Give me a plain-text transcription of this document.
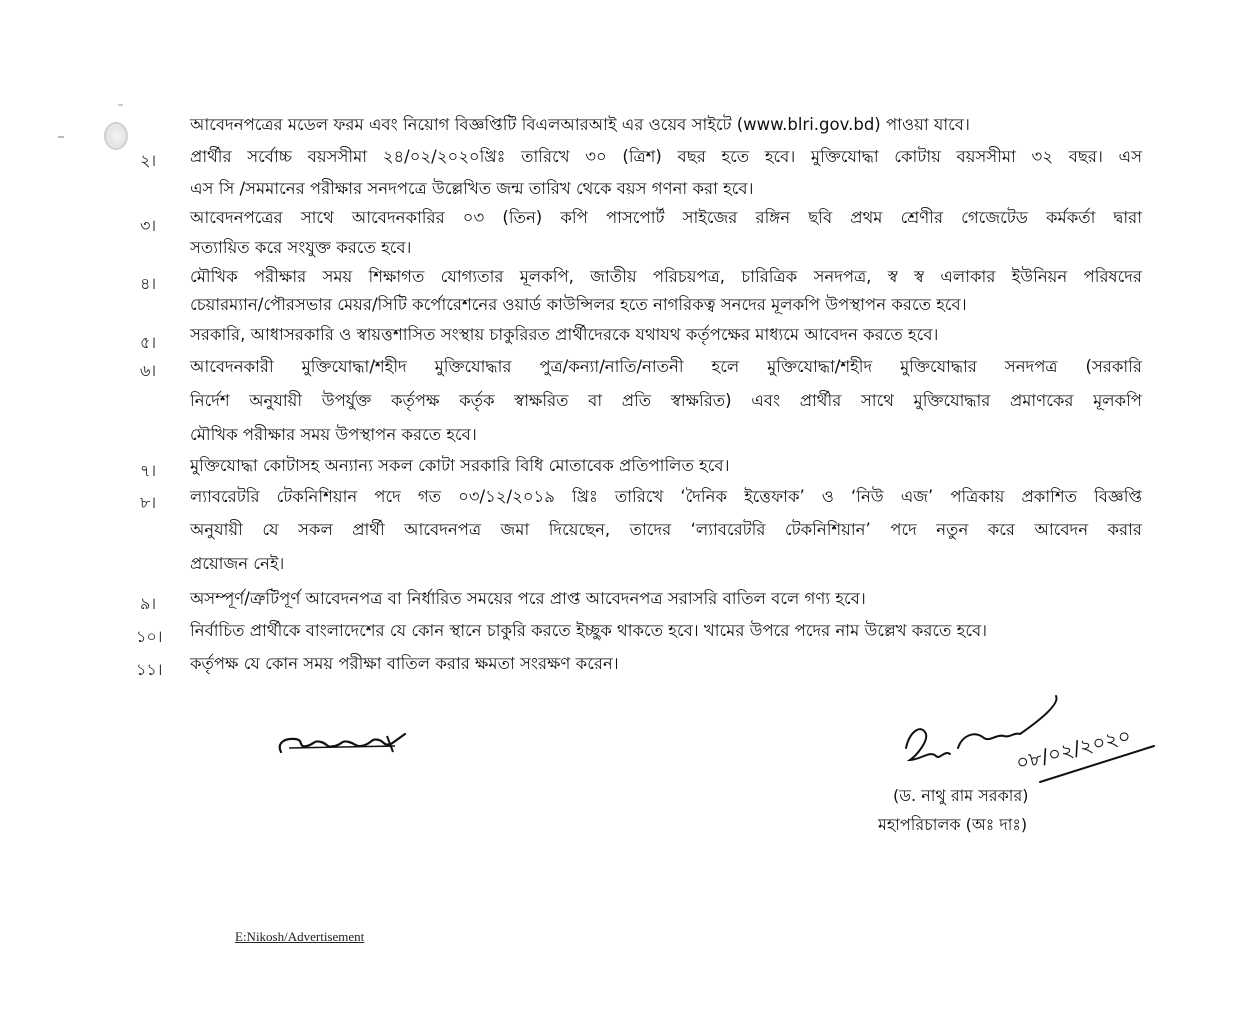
আবেদনপত্রের মডেল ফরম এবং নিয়োগ বিজ্ঞপ্তিটি বিএলআরআই এর ওয়েব সাইটে (www.blri.gov.bd) পাওয়া যাবে।
২। প্রার্থীর সর্বোচ্চ বয়সসীমা ২৪/০২/২০২০খ্রিঃ তারিখে ৩০ (ত্রিশ) বছর হতে হবে। মুক্তিযোদ্ধা কোটায় বয়সসীমা ৩২ বছর। এস
এস সি /সমমানের পরীক্ষার সনদপত্রে উল্লেখিত জন্ম তারিখ থেকে বয়স গণনা করা হবে।
৩। আবেদনপত্রের সাথে আবেদনকারির ০৩ (তিন) কপি পাসপোর্ট সাইজের রঙ্গিন ছবি প্রথম শ্রেণীর গেজেটেড কর্মকর্তা দ্বারা
সত্যায়িত করে সংযুক্ত করতে হবে।
৪। মৌখিক পরীক্ষার সময় শিক্ষাগত যোগ্যতার মূলকপি, জাতীয় পরিচয়পত্র, চারিত্রিক সনদপত্র, স্ব স্ব এলাকার ইউনিয়ন পরিষদের
চেয়ারম্যান/পৌরসভার মেয়র/সিটি কর্পোরেশনের ওয়ার্ড কাউন্সিলর হতে নাগরিকত্ব সনদের মূলকপি উপস্থাপন করতে হবে।
৫। সরকারি, আধাসরকারি ও স্বায়ত্তশাসিত সংস্থায় চাকুরিরত প্রার্থীদেরকে যথাযথ কর্তৃপক্ষের মাধ্যমে আবেদন করতে হবে।
৬। আবেদনকারী মুক্তিযোদ্ধা/শহীদ মুক্তিযোদ্ধার পুত্র/কন্যা/নাতি/নাতনী হলে মুক্তিযোদ্ধা/শহীদ মুক্তিযোদ্ধার সনদপত্র (সরকারি
নির্দেশ অনুযায়ী উপর্যুক্ত কর্তৃপক্ষ কর্তৃক স্বাক্ষরিত বা প্রতি স্বাক্ষরিত) এবং প্রার্থীর সাথে মুক্তিযোদ্ধার প্রমাণকের মূলকপি
মৌখিক পরীক্ষার সময় উপস্থাপন করতে হবে।
৭। মুক্তিযোদ্ধা কোটাসহ অন্যান্য সকল কোটা সরকারি বিধি মোতাবেক প্রতিপালিত হবে।
৮। ল্যাবরেটরি টেকনিশিয়ান পদে গত ০৩/১২/২০১৯ খ্রিঃ তারিখে ‘দৈনিক ইত্তেফাক’ ও ‘নিউ এজ’ পত্রিকায় প্রকাশিত বিজ্ঞপ্তি
অনুযায়ী যে সকল প্রার্থী আবেদনপত্র জমা দিয়েছেন, তাদের ‘ল্যাবরেটরি টেকনিশিয়ান’ পদে নতুন করে আবেদন করার
প্রয়োজন নেই।
৯। অসম্পূর্ণ/ত্রুটিপূর্ণ আবেদনপত্র বা নির্ধারিত সময়ের পরে প্রাপ্ত আবেদনপত্র সরাসরি বাতিল বলে গণ্য হবে।
১০। নির্বাচিত প্রার্থীকে বাংলাদেশের যে কোন স্থানে চাকুরি করতে ইচ্ছুক থাকতে হবে। খামের উপরে পদের নাম উল্লেখ করতে হবে।
১১। কর্তৃপক্ষ যে কোন সময় পরীক্ষা বাতিল করার ক্ষমতা সংরক্ষণ করেন।
০৮/০২/২০২০
(ড. নাথু রাম সরকার)
মহাপরিচালক (অঃ দাঃ)
E:Nikosh/Advertisement
